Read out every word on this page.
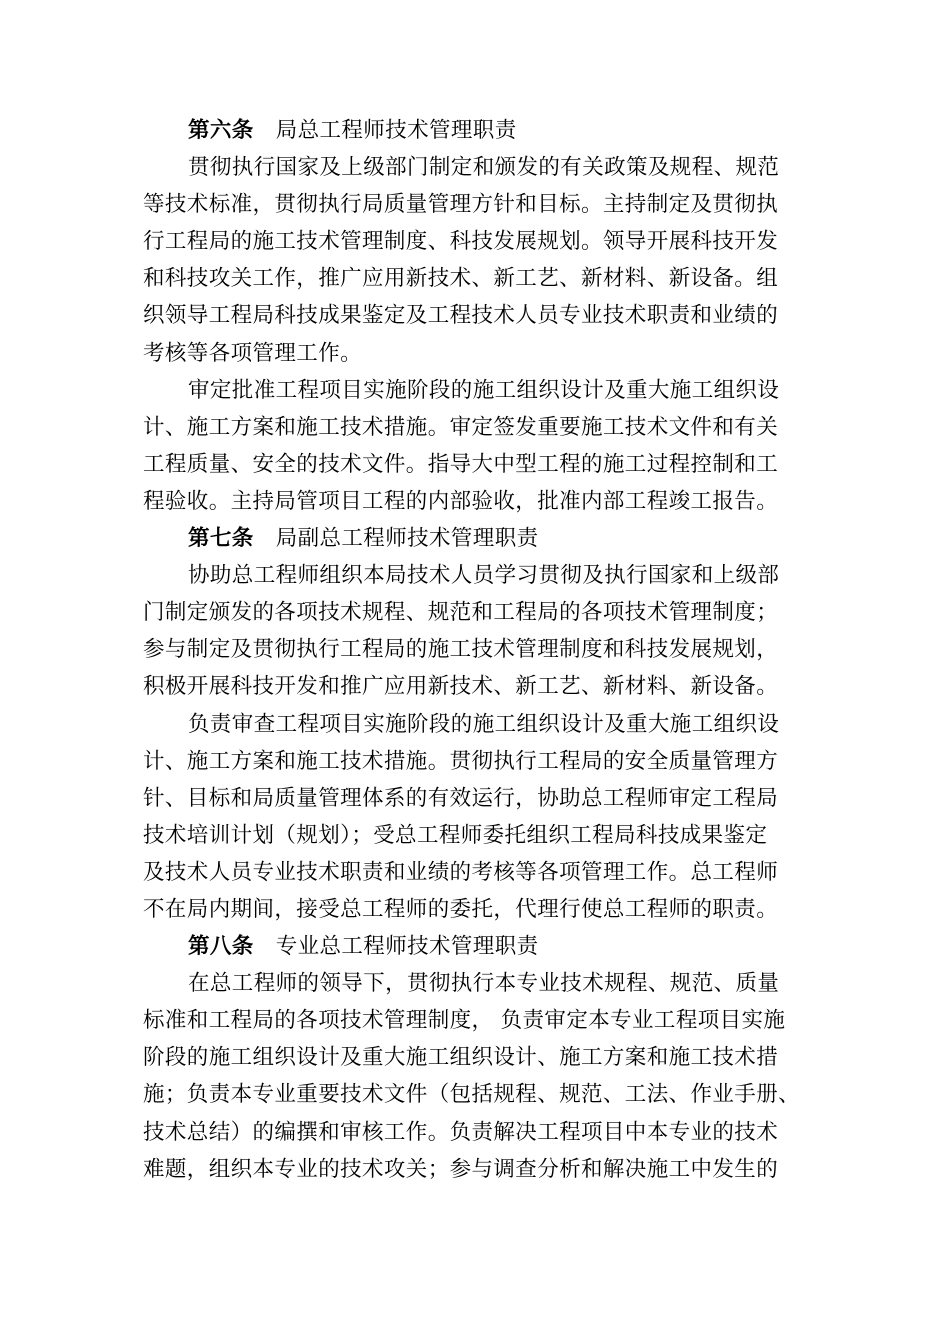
第六条 局总工程师技术管理职责
贯彻执行国家及上级部门制定和颁发的有关政策及规程、规范
等技术标准，贯彻执行局质量管理方针和目标。主持制定及贯彻执
行工程局的施工技术管理制度、科技发展规划。领导开展科技开发
和科技攻关工作，推广应用新技术、新工艺、新材料、新设备。组
织领导工程局科技成果鉴定及工程技术人员专业技术职责和业绩的
考核等各项管理工作。
审定批准工程项目实施阶段的施工组织设计及重大施工组织设
计、施工方案和施工技术措施。审定签发重要施工技术文件和有关
工程质量、安全的技术文件。指导大中型工程的施工过程控制和工
程验收。主持局管项目工程的内部验收，批准内部工程竣工报告。
第七条 局副总工程师技术管理职责
协助总工程师组织本局技术人员学习贯彻及执行国家和上级部
门制定颁发的各项技术规程、规范和工程局的各项技术管理制度；
参与制定及贯彻执行工程局的施工技术管理制度和科技发展规划，
积极开展科技开发和推广应用新技术、新工艺、新材料、新设备。
负责审查工程项目实施阶段的施工组织设计及重大施工组织设
计、施工方案和施工技术措施。贯彻执行工程局的安全质量管理方
针、目标和局质量管理体系的有效运行，协助总工程师审定工程局
技术培训计划（规划）；受总工程师委托组织工程局科技成果鉴定
及技术人员专业技术职责和业绩的考核等各项管理工作。总工程师
不在局内期间，接受总工程师的委托，代理行使总工程师的职责。
第八条 专业总工程师技术管理职责
在总工程师的领导下，贯彻执行本专业技术规程、规范、质量
标准和工程局的各项技术管理制度， 负责审定本专业工程项目实施
阶段的施工组织设计及重大施工组织设计、施工方案和施工技术措
施；负责本专业重要技术文件（包括规程、规范、工法、作业手册、
技术总结）的编撰和审核工作。负责解决工程项目中本专业的技术
难题，组织本专业的技术攻关；参与调查分析和解决施工中发生的
